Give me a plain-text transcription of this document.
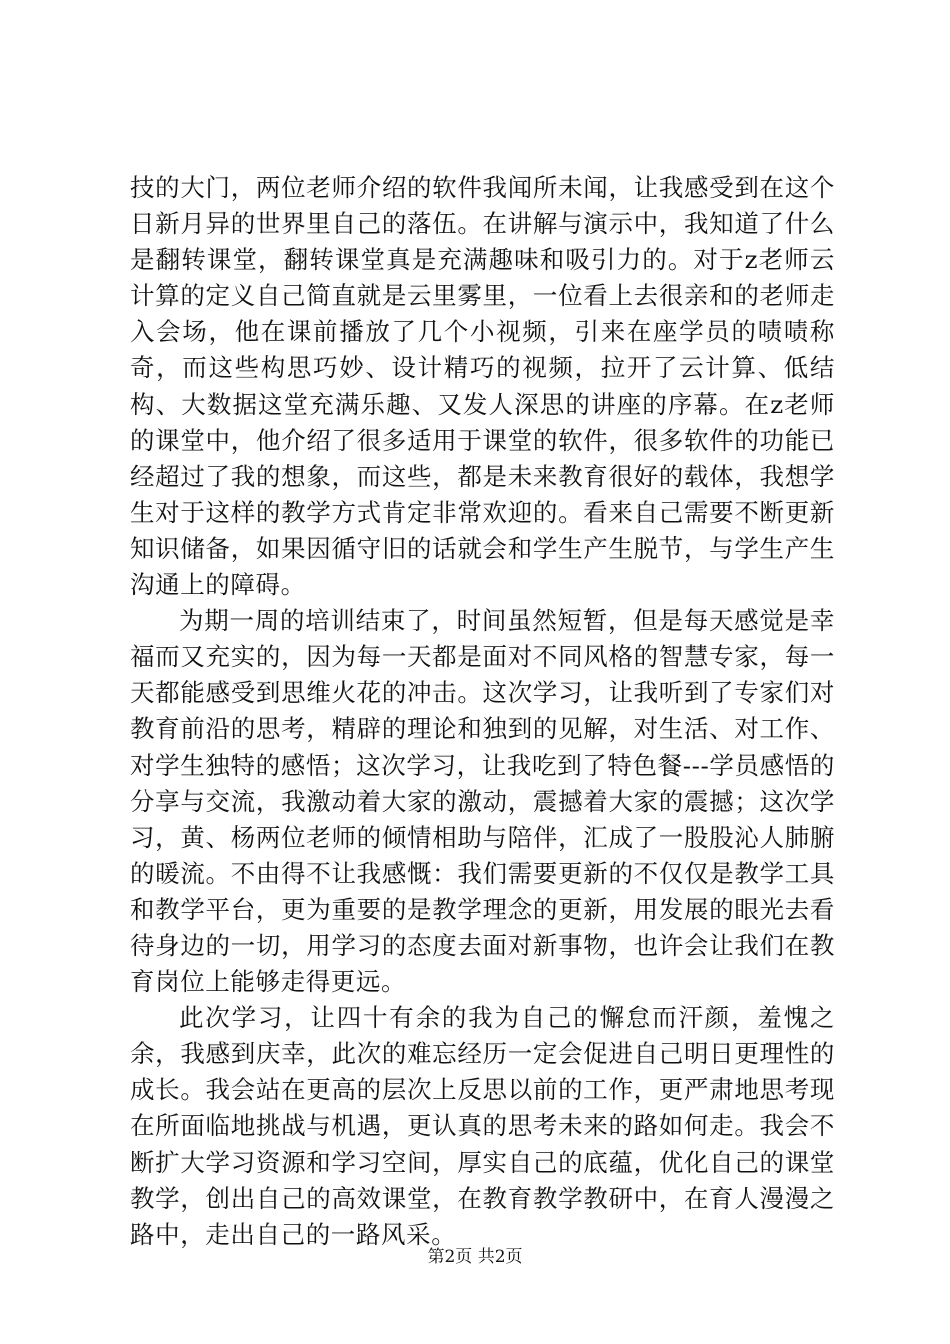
技的大门，两位老师介绍的软件我闻所未闻，让我感受到在这个日新月异的世界里自己的落伍。在讲解与演示中，我知道了什么是翻转课堂，翻转课堂真是充满趣味和吸引力的。对于z老师云计算的定义自己简直就是云里雾里，一位看上去很亲和的老师走入会场，他在课前播放了几个小视频，引来在座学员的啧啧称奇，而这些构思巧妙、设计精巧的视频，拉开了云计算、低结构、大数据这堂充满乐趣、又发人深思的讲座的序幕。在z老师的课堂中，他介绍了很多适用于课堂的软件，很多软件的功能已经超过了我的想象，而这些，都是未来教育很好的载体，我想学生对于这样的教学方式肯定非常欢迎的。看来自己需要不断更新知识储备，如果因循守旧的话就会和学生产生脱节，与学生产生沟通上的障碍。

为期一周的培训结束了，时间虽然短暂，但是每天感觉是幸福而又充实的，因为每一天都是面对不同风格的智慧专家，每一天都能感受到思维火花的冲击。这次学习，让我听到了专家们对教育前沿的思考，精辟的理论和独到的见解，对生活、对工作、对学生独特的感悟；这次学习，让我吃到了特色餐---学员感悟的分享与交流，我激动着大家的激动，震撼着大家的震撼；这次学习，黄、杨两位老师的倾情相助与陪伴，汇成了一股股沁人肺腑的暖流。不由得不让我感慨：我们需要更新的不仅仅是教学工具和教学平台，更为重要的是教学理念的更新，用发展的眼光去看待身边的一切，用学习的态度去面对新事物，也许会让我们在教育岗位上能够走得更远。

此次学习，让四十有余的我为自己的懈怠而汗颜，羞愧之余，我感到庆幸，此次的难忘经历一定会促进自己明日更理性的成长。我会站在更高的层次上反思以前的工作，更严肃地思考现在所面临地挑战与机遇，更认真的思考未来的路如何走。我会不断扩大学习资源和学习空间，厚实自己的底蕴，优化自己的课堂教学，创出自己的高效课堂，在教育教学教研中，在育人漫漫之路中，走出自己的一路风采。

第2页 共2页
